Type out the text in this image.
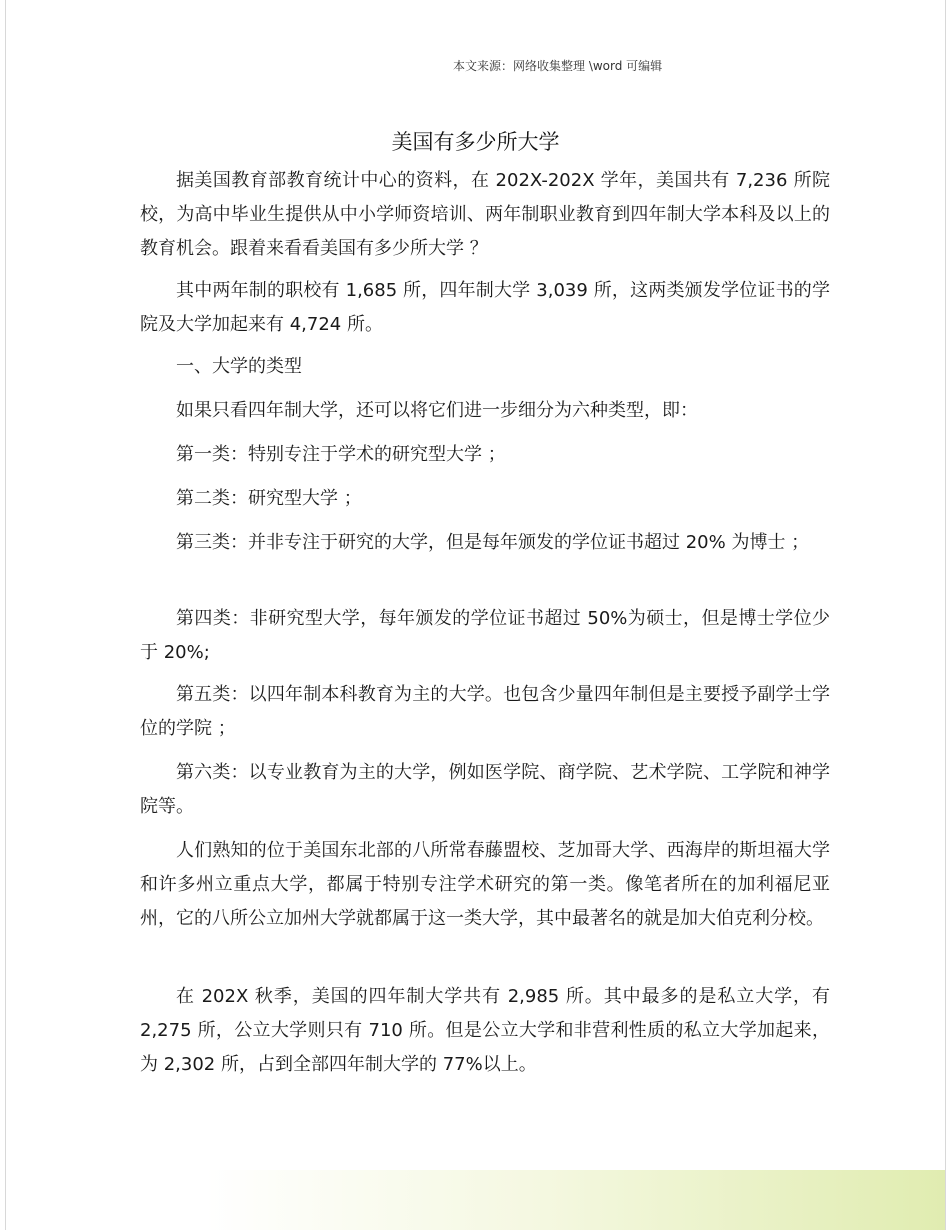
本文来源：网络收集整理 \word 可编辑
美国有多少所大学

据美国教育部教育统计中心的资料，在 202X-202X 学年，美国共有 7,236 所院校，为高中毕业生提供从中小学师资培训、两年制职业教育到四年制大学本科及以上的教育机会。跟着来看看美国有多少所大学 ？

其中两年制的职校有 1,685 所，四年制大学 3,039 所，这两类颁发学位证书的学院及大学加起来有 4,724 所。

一、大学的类型

如果只看四年制大学，还可以将它们进一步细分为六种类型，即：

第一类：特别专注于学术的研究型大学 ；

第二类：研究型大学 ；

第三类：并非专注于研究的大学，但是每年颁发的学位证书超过 20% 为博士 ；

第四类：非研究型大学，每年颁发的学位证书超过 50%为硕士，但是博士学位少于 20%;

第五类：以四年制本科教育为主的大学。也包含少量四年制但是主要授予副学士学位的学院 ；

第六类：以专业教育为主的大学，例如医学院、商学院、艺术学院、工学院和神学院等。

人们熟知的位于美国东北部的八所常春藤盟校、芝加哥大学、西海岸的斯坦福大学和许多州立重点大学，都属于特别专注学术研究的第一类。像笔者所在的加利福尼亚州，它的八所公立加州大学就都属于这一类大学，其中最著名的就是加大伯克利分校。

在 202X 秋季，美国的四年制大学共有 2,985 所。其中最多的是私立大学，有 2,275 所，公立大学则只有 710 所。但是公立大学和非营利性质的私立大学加起来，为 2,302 所，占到全部四年制大学的 77%以上。
